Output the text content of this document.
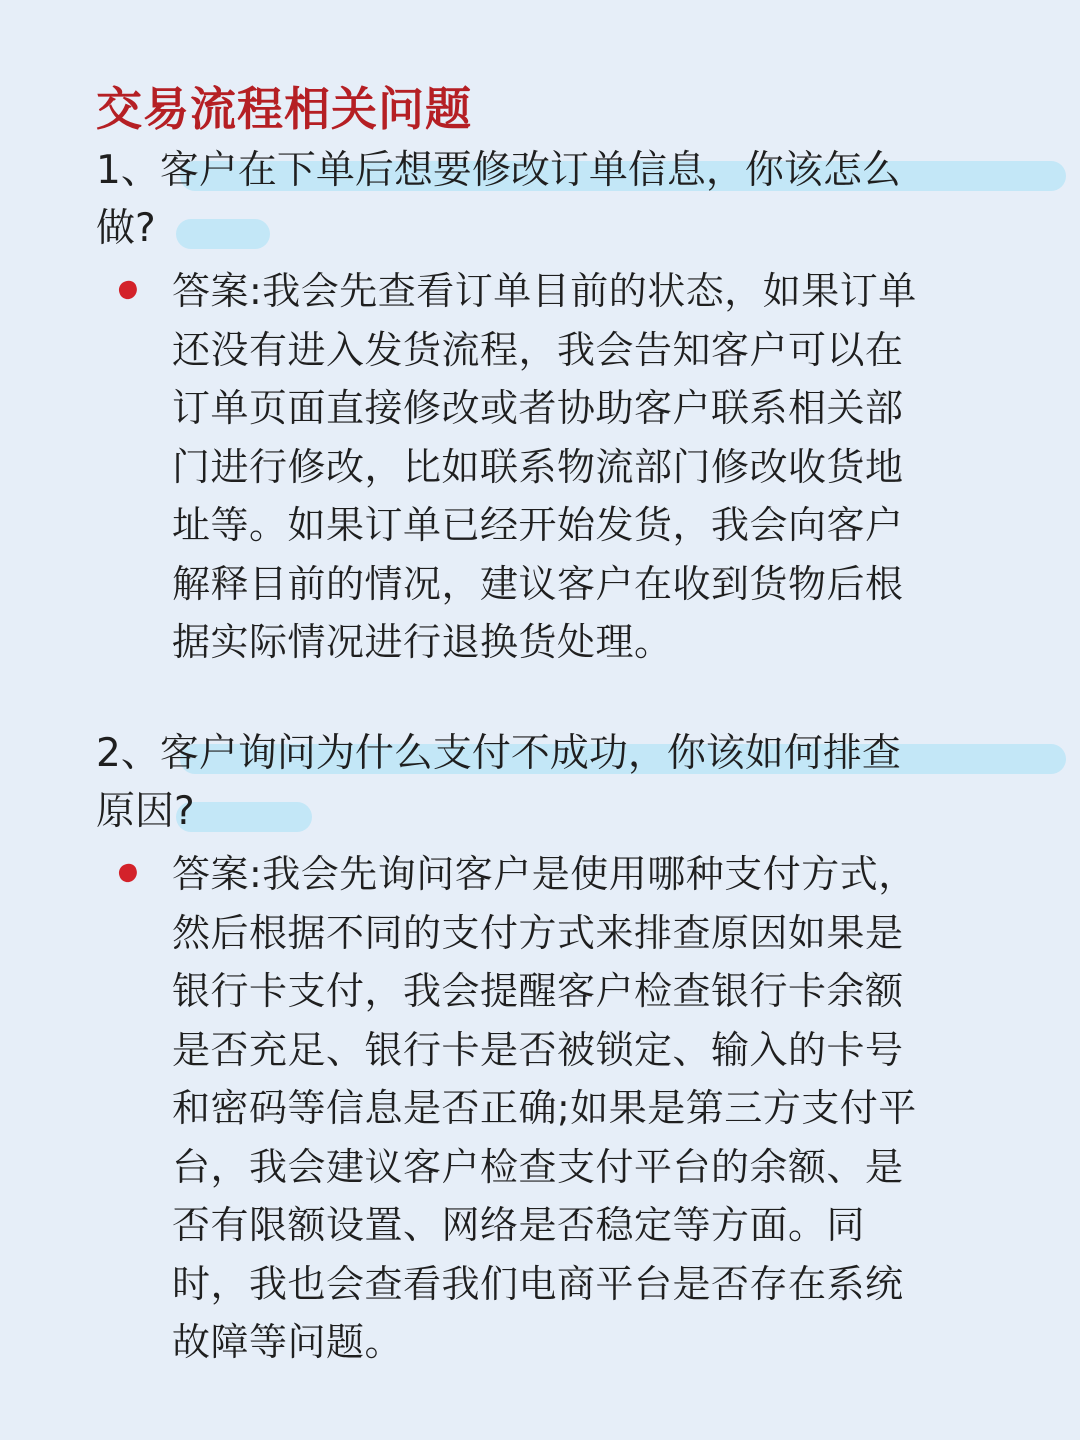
交易流程相关问题
1、客户在下单后想要修改订单信息，你该怎么
做?
答案:我会先查看订单目前的状态，如果订单
还没有进入发货流程，我会告知客户可以在
订单页面直接修改或者协助客户联系相关部
门进行修改，比如联系物流部门修改收货地
址等。如果订单已经开始发货，我会向客户
解释目前的情况，建议客户在收到货物后根
据实际情况进行退换货处理。
2、客户询问为什么支付不成功，你该如何排查
原因?
答案:我会先询问客户是使用哪种支付方式，
然后根据不同的支付方式来排查原因如果是
银行卡支付，我会提醒客户检查银行卡余额
是否充足、银行卡是否被锁定、输入的卡号
和密码等信息是否正确;如果是第三方支付平
台，我会建议客户检查支付平台的余额、是
否有限额设置、网络是否稳定等方面。同
时，我也会查看我们电商平台是否存在系统
故障等问题。
